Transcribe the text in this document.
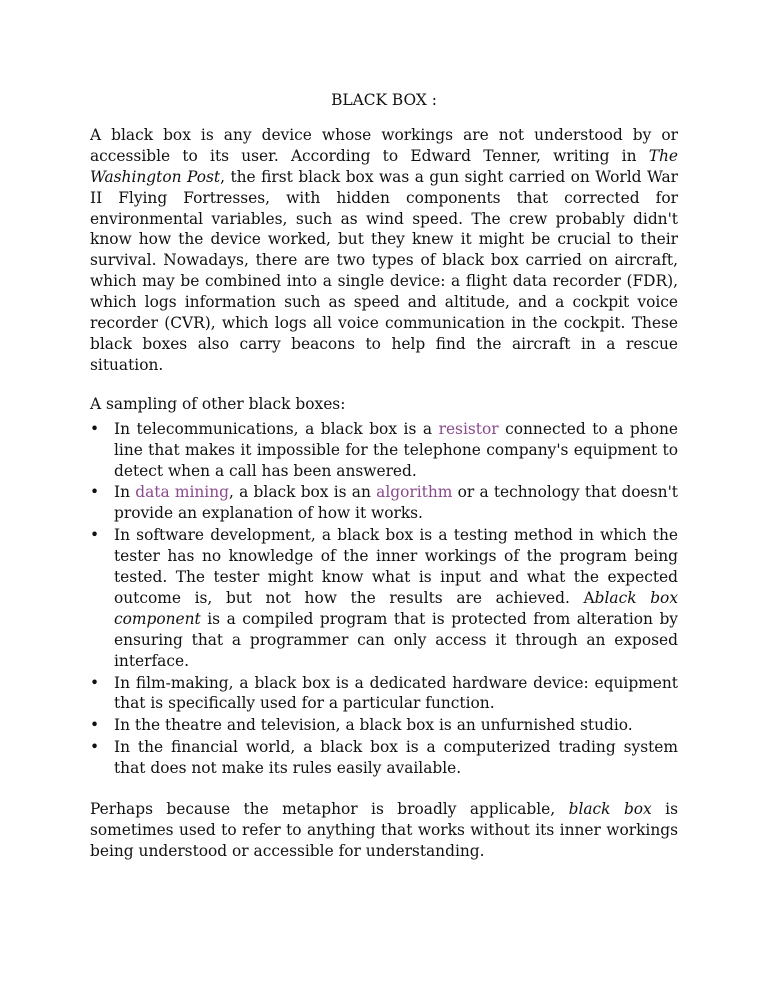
BLACK BOX :
A black box is any device whose workings are not understood by or accessible to its user. According to Edward Tenner, writing in The Washington Post, the first black box was a gun sight carried on World War II Flying Fortresses, with hidden components that corrected for environmental variables, such as wind speed. The crew probably didn't know how the device worked, but they knew it might be crucial to their survival. Nowadays, there are two types of black box carried on aircraft, which may be combined into a single device: a flight data recorder (FDR), which logs information such as speed and altitude, and a cockpit voice recorder (CVR), which logs all voice communication in the cockpit. These black boxes also carry beacons to help find the aircraft in a rescue situation.
A sampling of other black boxes:
• In telecommunications, a black box is a resistor connected to a phone line that makes it impossible for the telephone company's equipment to detect when a call has been answered.
• In data mining, a black box is an algorithm or a technology that doesn't provide an explanation of how it works.
• In software development, a black box is a testing method in which the tester has no knowledge of the inner workings of the program being tested. The tester might know what is input and what the expected outcome is, but not how the results are achieved. Ablack box component is a compiled program that is protected from alteration by ensuring that a programmer can only access it through an exposed interface.
• In film-making, a black box is a dedicated hardware device: equipment that is specifically used for a particular function.
• In the theatre and television, a black box is an unfurnished studio.
• In the financial world, a black box is a computerized trading system that does not make its rules easily available.
Perhaps because the metaphor is broadly applicable, black box is sometimes used to refer to anything that works without its inner workings being understood or accessible for understanding.
